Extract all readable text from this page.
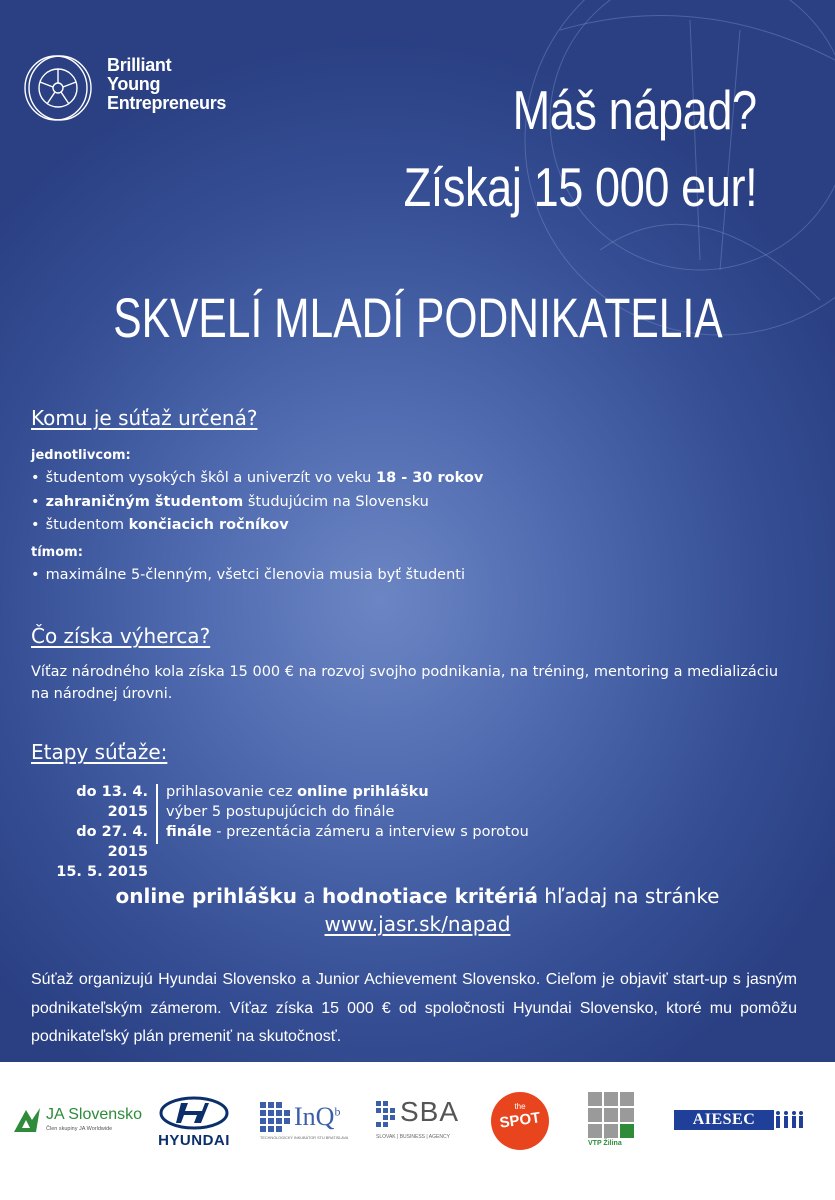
Brilliant
Young
Entrepreneurs	Máš nápad?
Získaj 15 000 eur!
SKVELÍ MLADÍ PODNIKATELIA
Komu je súťaž určená?
jednotlivcom:
• študentom vysokých škôl a univerzít vo veku 18 - 30 rokov
• zahraničným študentom študujúcim na Slovensku
• študentom končiacich ročníkov
tímom:
• maximálne 5-členným, všetci členovia musia byť študenti
Čo získa výherca?
Víťaz národného kola získa 15 000 € na rozvoj svojho podnikania, na tréning, mentoring a medializáciu na národnej úrovni.
Etapy súťaže:
do 13. 4. 2015
do 27. 4. 2015
15. 5. 2015
prihlasovanie cez online prihlášku
výber 5 postupujúcich do finále
finále - prezentácia zámeru a interview s porotou
online prihlášku a hodnotiace kritériá hľadaj na stránke
www.jasr.sk/napad
Súťaž organizujú Hyundai Slovensko a Junior Achievement Slovensko. Cieľom je objaviť start-up s jasným podnikateľským zámerom. Víťaz získa 15 000 € od spoločnosti Hyundai Slovensko, ktoré mu pomôžu podnikateľský plán premeniť na skutočnosť.
JA Slovensko
Člen skupiny JA Worldwide
HYUNDAI
InQ$^b$
TECHNOLOGICKÝ INKUBÁTOR STU BRATISLAVA
SBA
SLOVAK | BUSINESS | AGENCY
the
SPOT
VTP Žilina
AIESEC
